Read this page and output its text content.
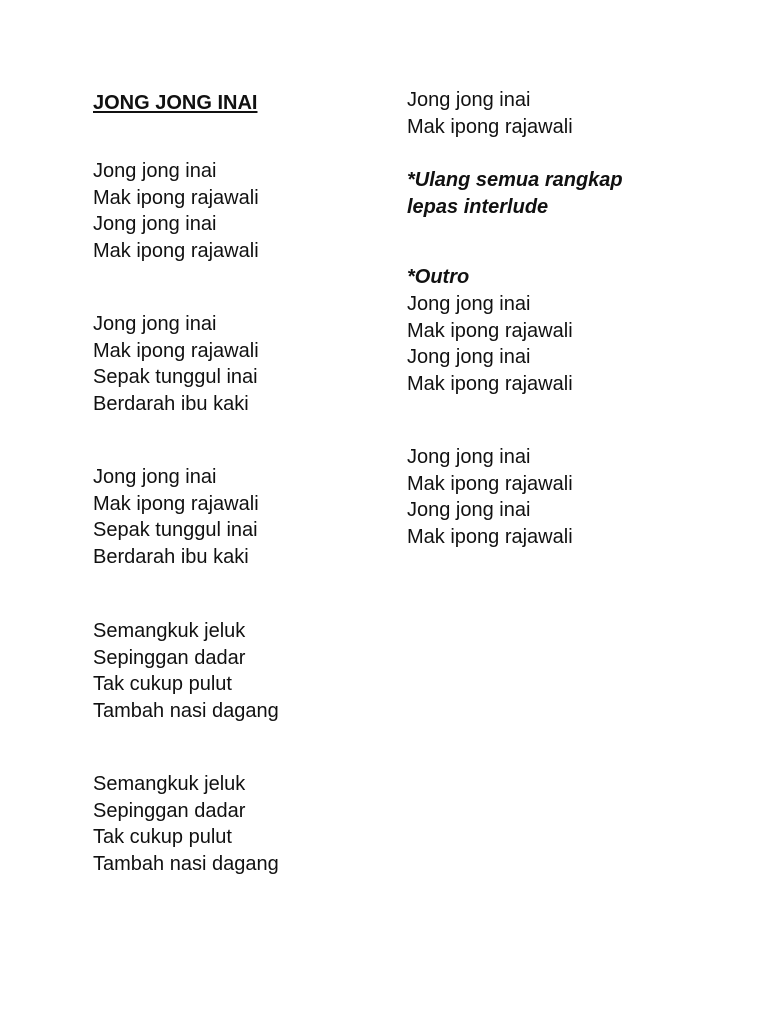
JONG JONG INAI
Jong jong inai
Mak ipong rajawali
Jong jong inai
Mak ipong rajawali
Jong jong inai
Mak ipong rajawali
Sepak tunggul inai
Berdarah ibu kaki
Jong jong inai
Mak ipong rajawali
Sepak tunggul inai
Berdarah ibu kaki
Semangkuk jeluk
Sepinggan dadar
Tak cukup pulut
Tambah nasi dagang
Semangkuk jeluk
Sepinggan dadar
Tak cukup pulut
Tambah nasi dagang
Jong jong inai
Mak ipong rajawali
*Ulang semua rangkap
lepas interlude
*Outro
Jong jong inai
Mak ipong rajawali
Jong jong inai
Mak ipong rajawali
Jong jong inai
Mak ipong rajawali
Jong jong inai
Mak ipong rajawali
